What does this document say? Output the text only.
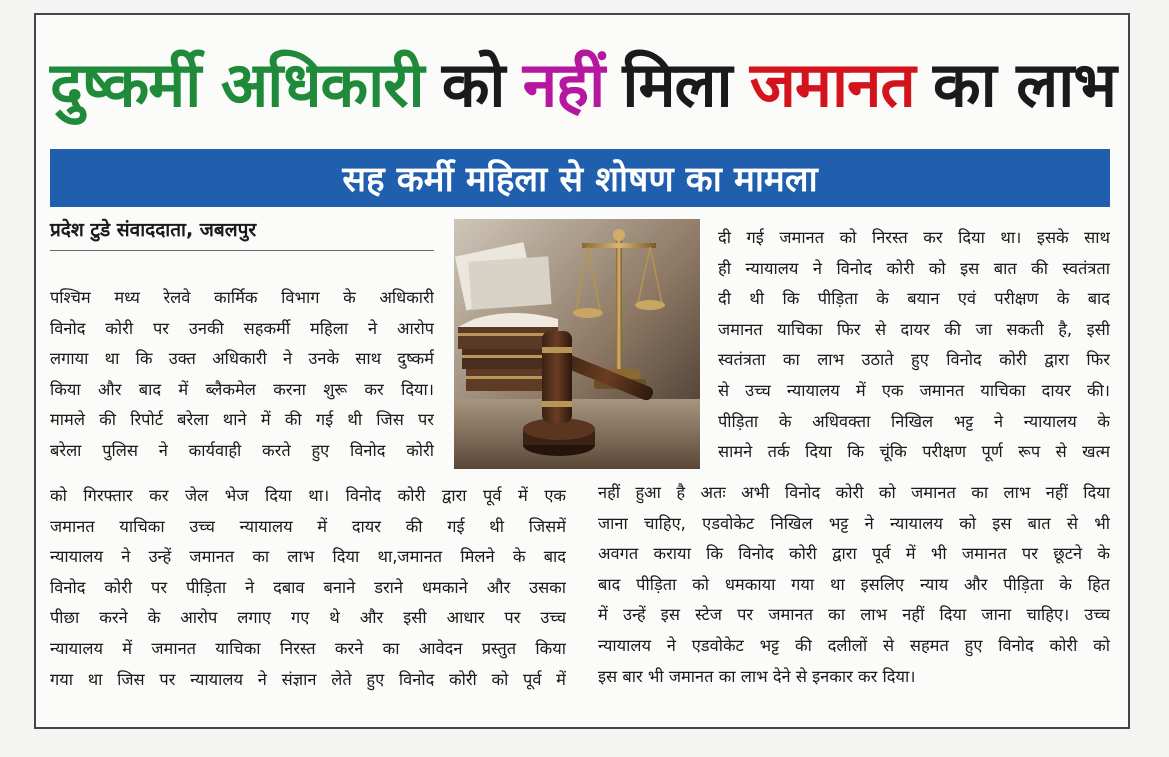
दुष्कर्मी अधिकारी को नहीं मिला जमानत का लाभ
सह कर्मी महिला से शोषण का मामला
प्रदेश टुडे संवाददाता, जबलपुर
पश्चिम मध्य रेलवे कार्मिक विभाग के अधिकारी
विनोद कोरी पर उनकी सहकर्मी महिला ने आरोप
लगाया था कि उक्त अधिकारी ने उनके साथ दुष्कर्म
किया और बाद में ब्लैकमेल करना शुरू कर दिया।
मामले की रिपोर्ट बरेला थाने में की गई थी जिस पर
बरेला पुलिस ने कार्यवाही करते हुए विनोद कोरी
को गिरफ्तार कर जेल भेज दिया था। विनोद कोरी द्वारा पूर्व में एक
जमानत याचिका उच्च न्यायालय में दायर की गई थी जिसमें
न्यायालय ने उन्हें जमानत का लाभ दिया था,जमानत मिलने के बाद
विनोद कोरी पर पीड़िता ने दबाव बनाने डराने धमकाने और उसका
पीछा करने के आरोप लगाए गए थे और इसी आधार पर उच्च
न्यायालय में जमानत याचिका निरस्त करने का आवेदन प्रस्तुत किया
गया था जिस पर न्यायालय ने संज्ञान लेते हुए विनोद कोरी को पूर्व में
दी गई जमानत को निरस्त कर दिया था। इसके साथ
ही न्यायालय ने विनोद कोरी को इस बात की स्वतंत्रता
दी थी कि पीड़िता के बयान एवं परीक्षण के बाद
जमानत याचिका फिर से दायर की जा सकती है, इसी
स्वतंत्रता का लाभ उठाते हुए विनोद कोरी द्वारा फिर
से उच्च न्यायालय में एक जमानत याचिका दायर की।
पीड़िता के अधिवक्ता निखिल भट्ट ने न्यायालय के
सामने तर्क दिया कि चूंकि परीक्षण पूर्ण रूप से खत्म
नहीं हुआ है अतः अभी विनोद कोरी को जमानत का लाभ नहीं दिया
जाना चाहिए, एडवोकेट निखिल भट्ट ने न्यायालय को इस बात से भी
अवगत कराया कि विनोद कोरी द्वारा पूर्व में भी जमानत पर छूटने के
बाद पीड़िता को धमकाया गया था इसलिए न्याय और पीड़िता के हित
में उन्हें इस स्टेज पर जमानत का लाभ नहीं दिया जाना चाहिए। उच्च
न्यायालय ने एडवोकेट भट्ट की दलीलों से सहमत हुए विनोद कोरी को
इस बार भी जमानत का लाभ देने से इनकार कर दिया।
